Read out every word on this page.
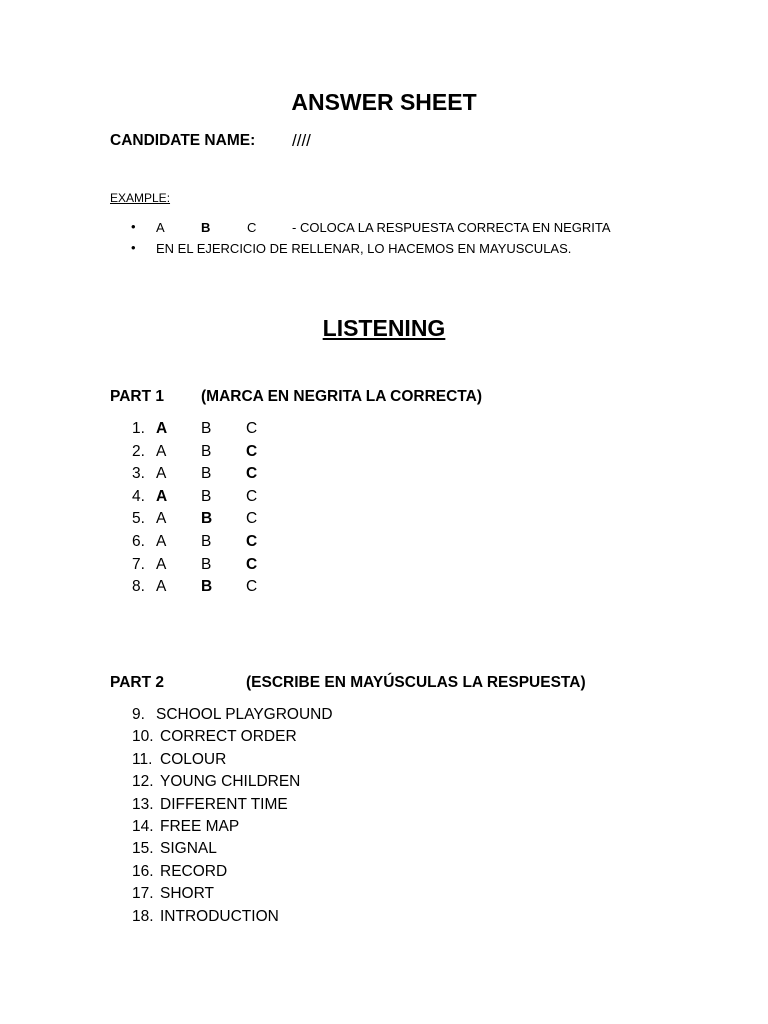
ANSWER SHEET
CANDIDATE NAME: ////
EXAMPLE:
• A	B	C	- COLOCA LA RESPUESTA CORRECTA EN NEGRITA
• EN EL EJERCICIO DE RELLENAR, LO HACEMOS EN MAYUSCULAS.
LISTENING
PART 1 (MARCA EN NEGRITA LA CORRECTA)
1. A B C
2. A B C
3. A B C
4. A B C
5. A B C
6. A B C
7. A B C
8. A B C
PART 2	(ESCRIBE EN MAYÚSCULAS LA RESPUESTA)
9. SCHOOL PLAYGROUND
10. CORRECT ORDER
11. COLOUR
12. YOUNG CHILDREN
13. DIFFERENT TIME
14. FREE MAP
15. SIGNAL
16. RECORD
17. SHORT
18. INTRODUCTION
